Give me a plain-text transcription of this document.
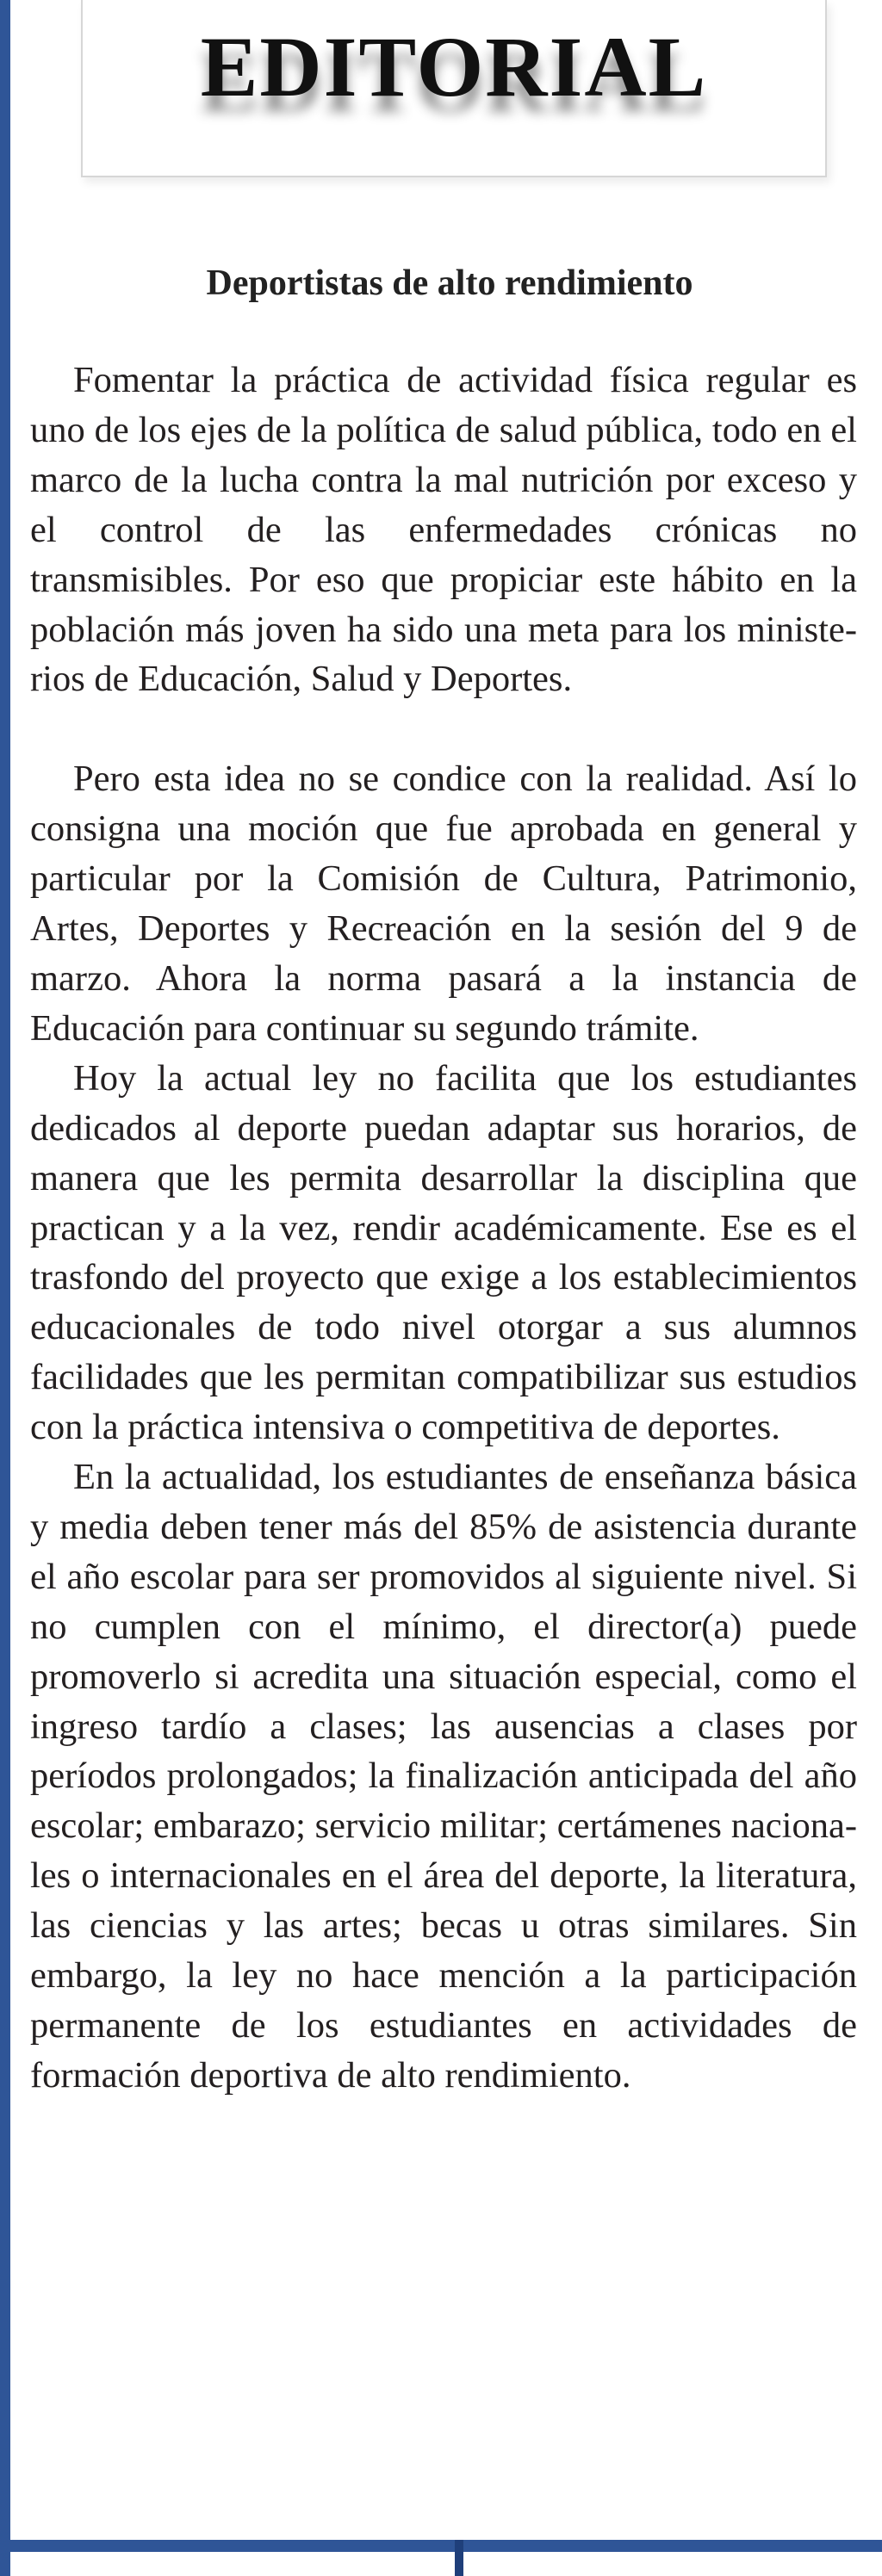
EDITORIAL
Deportistas de alto rendimiento

Fomentar la práctica de actividad física regular es uno de los ejes de la política de salud pública, todo en el marco de la lucha contra la mal nutrición por exceso y el control de las enfermedades crónicas no transmisibles. Por eso que propiciar este hábito en la población más joven ha sido una meta para los ministerios de Educación, Salud y Deportes.

Pero esta idea no se condice con la realidad. Así lo consigna una moción que fue aprobada en general y particular por la Comisión de Cultura, Patrimonio, Artes, Deportes y Recreación en la sesión del 9 de marzo. Ahora la norma pasará a la instancia de Educación para continuar su segundo trámite.

Hoy la actual ley no facilita que los estudiantes dedicados al deporte puedan adaptar sus horarios, de manera que les permita desarrollar la disciplina que practican y a la vez, rendir académicamente. Ese es el trasfondo del proyecto que exige a los establecimientos educacionales de todo nivel otorgar a sus alumnos facilidades que les permitan compatibilizar sus estudios con la práctica intensiva o competitiva de deportes.

En la actualidad, los estudiantes de enseñanza básica y media deben tener más del 85% de asistencia durante el año escolar para ser promovidos al siguiente nivel. Si no cumplen con el mínimo, el director(a) puede promoverlo si acredita una situación especial, como el ingreso tardío a clases; las ausencias a clases por períodos prolongados; la finalización anticipada del año escolar; embarazo; servicio militar; certámenes nacionales o internacionales en el área del deporte, la literatura, las ciencias y las artes; becas u otras similares. Sin embargo, la ley no hace mención a la participación permanente de los estudiantes en actividades de formación deportiva de alto rendimiento.
